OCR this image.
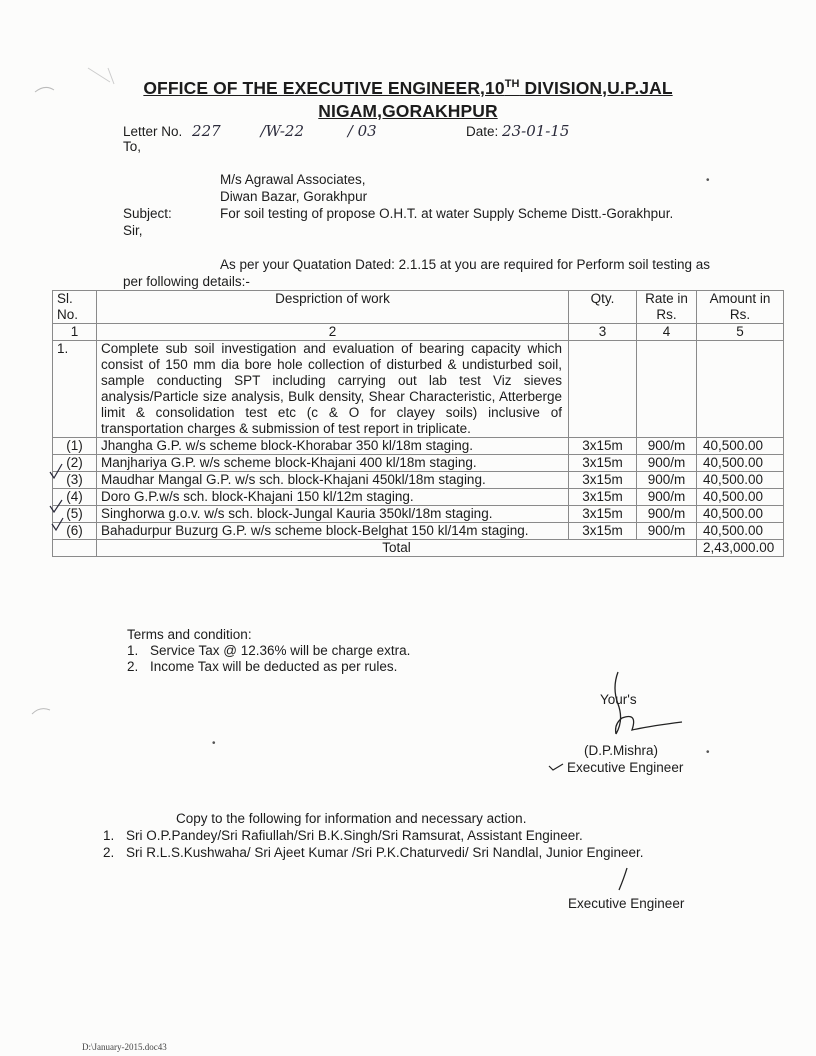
OFFICE OF THE EXECUTIVE ENGINEER,10TH DIVISION,U.P.JAL
NIGAM,GORAKHPUR
Letter No. 227	/W-22	/ 03	Date: 23-01-15
To,
M/s Agrawal Associates,
Diwan Bazar, Gorakhpur
Subject:	For soil testing of propose O.H.T. at water Supply Scheme Distt.-Gorakhpur.
Sir,
As per your Quatation Dated: 2.1.15 at you are required for Perform soil testing as
per following details:-
Sl. No.	Despriction of work	Qty.	Rate in Rs.	Amount in Rs.
1	2	3	4	5
1.	Complete sub soil investigation and evaluation of bearing capacity which consist of 150 mm dia bore hole collection of disturbed & undisturbed soil, sample conducting SPT including carrying out lab test Viz sieves analysis/Particle size analysis, Bulk density, Shear Characteristic, Atterberge limit & consolidation test etc (c & O for clayey soils) inclusive of transportation charges & submission of test report in triplicate.			
(1)	Jhangha G.P. w/s scheme block-Khorabar 350 kl/18m staging.	3x15m	900/m	40,500.00
(2)	Manjhariya G.P. w/s scheme block-Khajani 400 kl/18m staging.	3x15m	900/m	40,500.00
(3)	Maudhar Mangal G.P. w/s sch. block-Khajani 450kl/18m staging.	3x15m	900/m	40,500.00
(4)	Doro G.P.w/s sch. block-Khajani 150 kl/12m staging.	3x15m	900/m	40,500.00
(5)	Singhorwa g.o.v. w/s sch. block-Jungal Kauria 350kl/18m staging.	3x15m	900/m	40,500.00
(6)	Bahadurpur Buzurg G.P. w/s scheme block-Belghat 150 kl/14m staging.	3x15m	900/m	40,500.00
	Total			2,43,000.00
Terms and condition:
1. Service Tax @ 12.36% will be charge extra.
2. Income Tax will be deducted as per rules.
Your's
(D.P.Mishra)
Executive Engineer
Copy to the following for information and necessary action.
1. Sri O.P.Pandey/Sri Rafiullah/Sri B.K.Singh/Sri Ramsurat, Assistant Engineer.
2. Sri R.L.S.Kushwaha/ Sri Ajeet Kumar /Sri P.K.Chaturvedi/ Sri Nandlal, Junior Engineer.
Executive Engineer
D:\January-2015.doc43
•
•
•
